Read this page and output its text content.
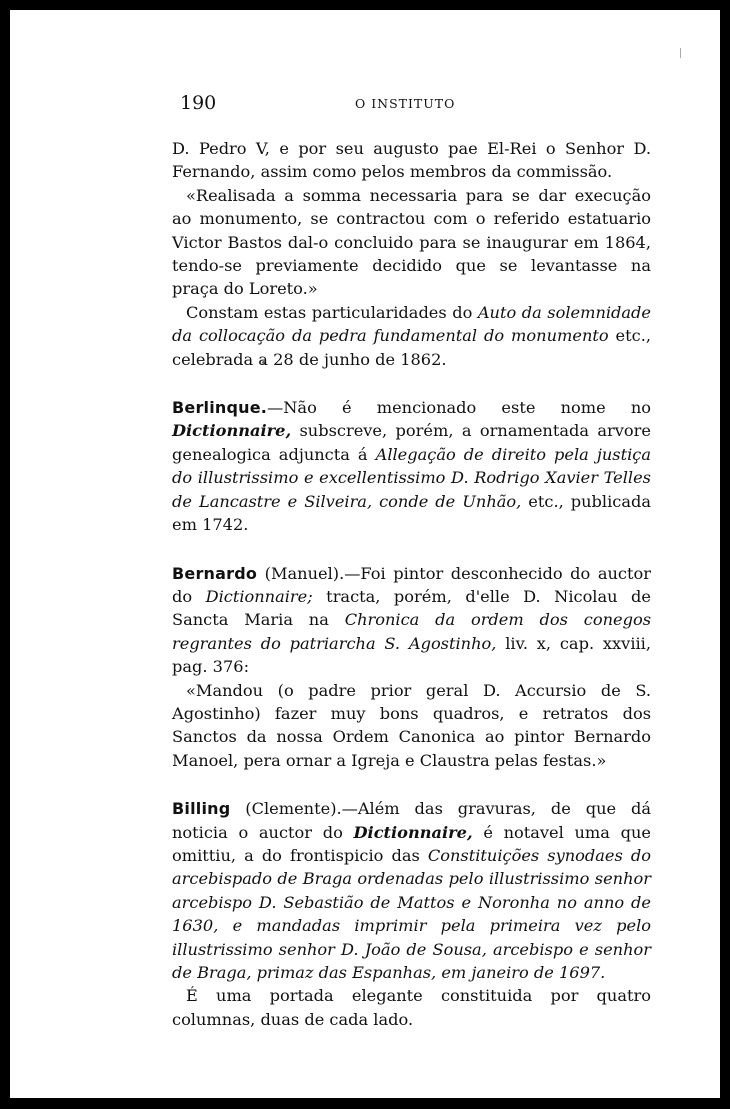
190	O INSTITUTO

D. Pedro V, e por seu augusto pae El-Rei o Senhor D. Fernando, assim como pelos membros da commissão.

«Realisada a somma necessaria para se dar execução ao monumento, se contractou com o referido estatuario Victor Bastos dal-o concluido para se inaugurar em 1864, tendo-se previamente decidido que se levantasse na praça do Loreto.»

Constam estas particularidades do Auto da solemnidade da collocação da pedra fundamental do monumento etc., celebrada a 28 de junho de 1862.

Berlinque.—Não é mencionado este nome no Dictionnaire, subscreve, porém, a ornamentada arvore genealogica adjuncta á Allegação de direito pela justiça do illustrissimo e excellentissimo D. Rodrigo Xavier Telles de Lancastre e Silveira, conde de Unhão, etc., publicada em 1742.

Bernardo (Manuel).—Foi pintor desconhecido do auctor do Dictionnaire; tracta, porém, d'elle D. Nicolau de Sancta Maria na Chronica da ordem dos conegos regrantes do patriarcha S. Agostinho, liv. x, cap. xxviii, pag. 376:

«Mandou (o padre prior geral D. Accursio de S. Agostinho) fazer muy bons quadros, e retratos dos Sanctos da nossa Ordem Canonica ao pintor Bernardo Manoel, pera ornar a Igreja e Claustra pelas festas.»

Billing (Clemente).—Além das gravuras, de que dá noticia o auctor do Dictionnaire, é notavel uma que omittiu, a do frontispicio das Constituições synodaes do arcebispado de Braga ordenadas pelo illustrissimo senhor arcebispo D. Sebastião de Mattos e Noronha no anno de 1630, e mandadas imprimir pela primeira vez pelo illustrissimo senhor D. João de Sousa, arcebispo e senhor de Braga, primaz das Espanhas, em janeiro de 1697.

É uma portada elegante constituida por quatro columnas, duas de cada lado.
